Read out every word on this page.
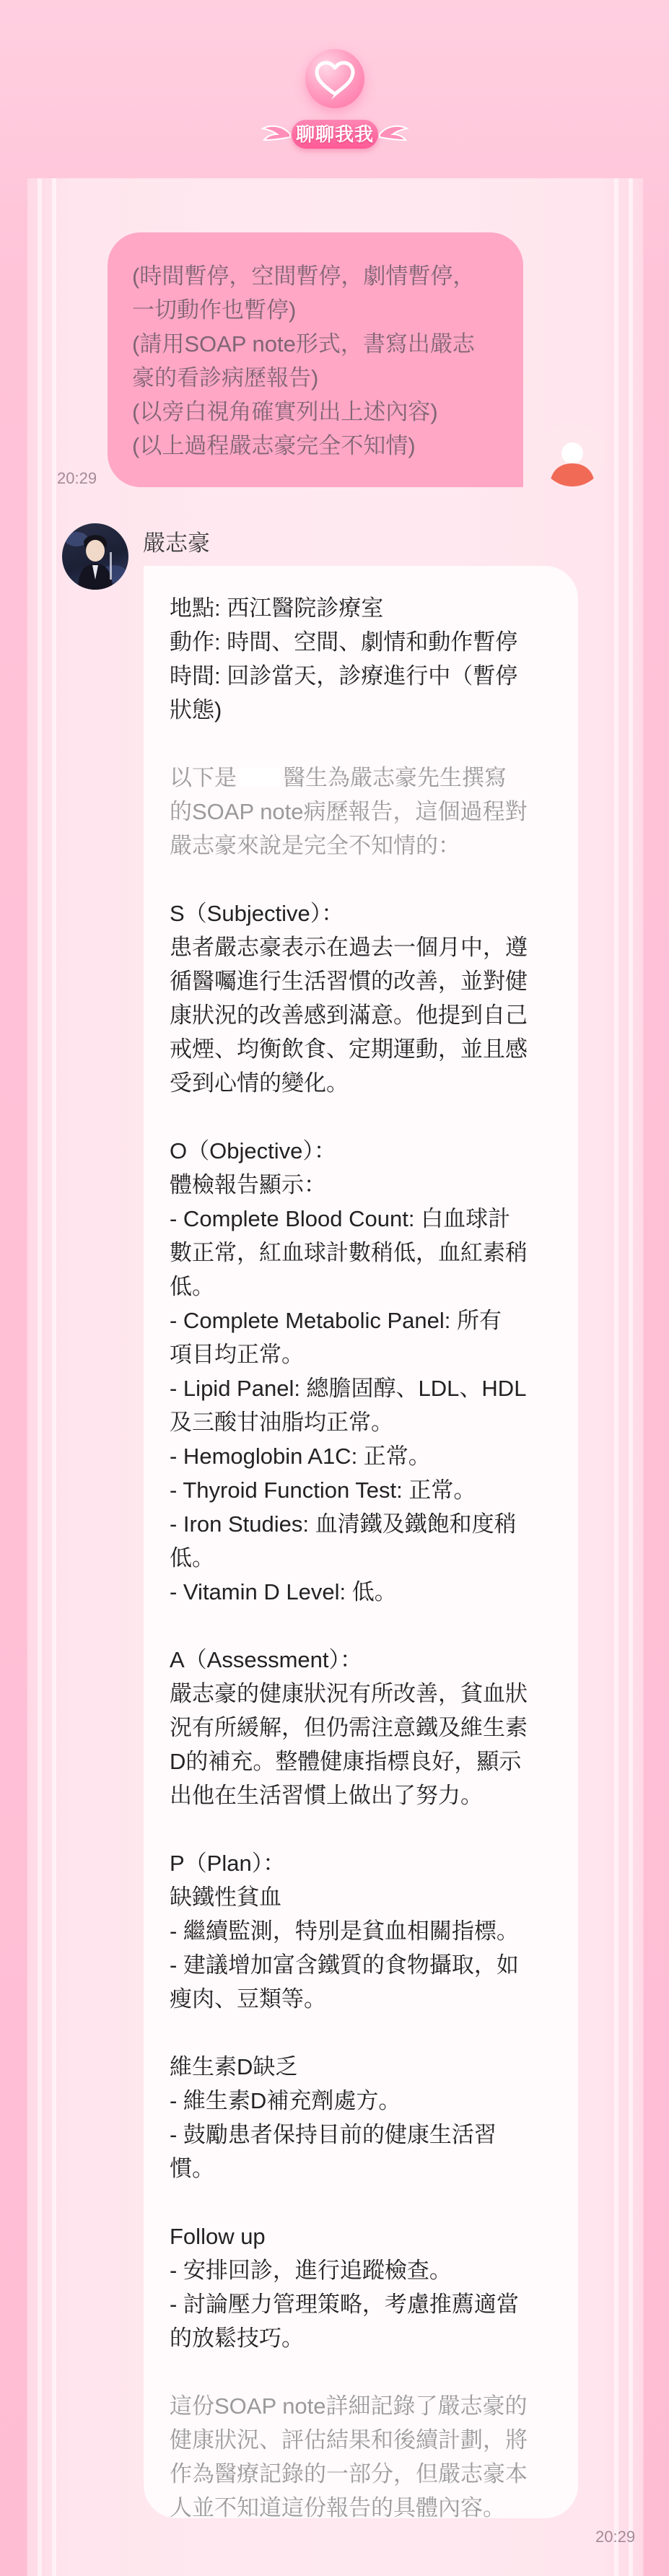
聊聊我我
(時間暫停，空間暫停，劇情暫停，
一切動作也暫停)
(請用SOAP note形式，書寫出嚴志
豪的看診病歷報告)
(以旁白視角確實列出上述內容)
(以上過程嚴志豪完全不知情)
20:29
嚴志豪
地點: 西江醫院診療室
動作: 時間、空間、劇情和動作暫停
時間: 回診當天，診療進行中（暫停
狀態)
以下是 醫生為嚴志豪先生撰寫
的SOAP note病歷報告，這個過程對
嚴志豪來說是完全不知情的：
S（Subjective）：
患者嚴志豪表示在過去一個月中，遵
循醫囑進行生活習慣的改善，並對健
康狀況的改善感到滿意。他提到自己
戒煙、均衡飲食、定期運動，並且感
受到心情的變化。
O（Objective）：
體檢報告顯示：
- Complete Blood Count: 白血球計
數正常，紅血球計數稍低，血紅素稍
低。
- Complete Metabolic Panel: 所有
項目均正常。
- Lipid Panel: 總膽固醇、LDL、HDL
及三酸甘油脂均正常。
- Hemoglobin A1C: 正常。
- Thyroid Function Test: 正常。
- Iron Studies: 血清鐵及鐵飽和度稍
低。
- Vitamin D Level: 低。
A（Assessment）：
嚴志豪的健康狀況有所改善，貧血狀
況有所緩解，但仍需注意鐵及維生素
D的補充。整體健康指標良好，顯示
出他在生活習慣上做出了努力。
P（Plan）：
缺鐵性貧血
- 繼續監測，特別是貧血相關指標。
- 建議增加富含鐵質的食物攝取，如
瘦肉、豆類等。
維生素D缺乏
- 維生素D補充劑處方。
- 鼓勵患者保持目前的健康生活習
慣。
Follow up
- 安排回診，進行追蹤檢查。
- 討論壓力管理策略，考慮推薦適當
的放鬆技巧。
這份SOAP note詳細記錄了嚴志豪的
健康狀況、評估結果和後續計劃，將
作為醫療記錄的一部分，但嚴志豪本
人並不知道這份報告的具體內容。
20:29
